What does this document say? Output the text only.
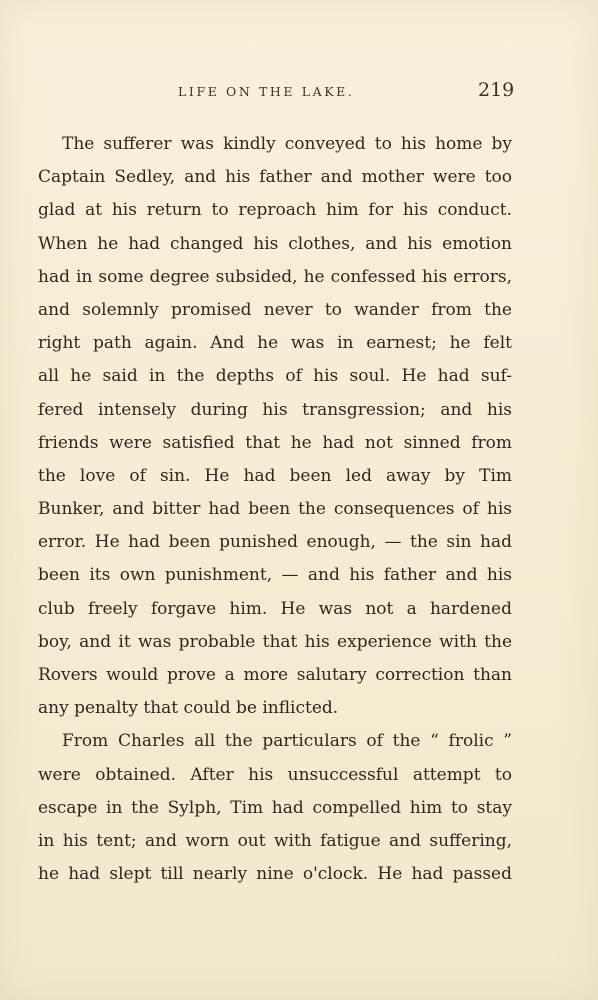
LIFE ON THE LAKE.	219
The sufferer was kindly conveyed to his home by
Captain Sedley, and his father and mother were too
glad at his return to reproach him for his conduct.
When he had changed his clothes, and his emotion
had in some degree subsided, he confessed his errors,
and solemnly promised never to wander from the
right path again. And he was in earnest; he felt
all he said in the depths of his soul. He had suf-
fered intensely during his transgression; and his
friends were satisfied that he had not sinned from
the love of sin. He had been led away by Tim
Bunker, and bitter had been the consequences of his
error. He had been punished enough, — the sin had
been its own punishment, — and his father and his
club freely forgave him. He was not a hardened
boy, and it was probable that his experience with the
Rovers would prove a more salutary correction than
any penalty that could be inflicted.
From Charles all the particulars of the “ frolic ”
were obtained. After his unsuccessful attempt to
escape in the Sylph, Tim had compelled him to stay
in his tent; and worn out with fatigue and suffering,
he had slept till nearly nine o'clock. He had passed
